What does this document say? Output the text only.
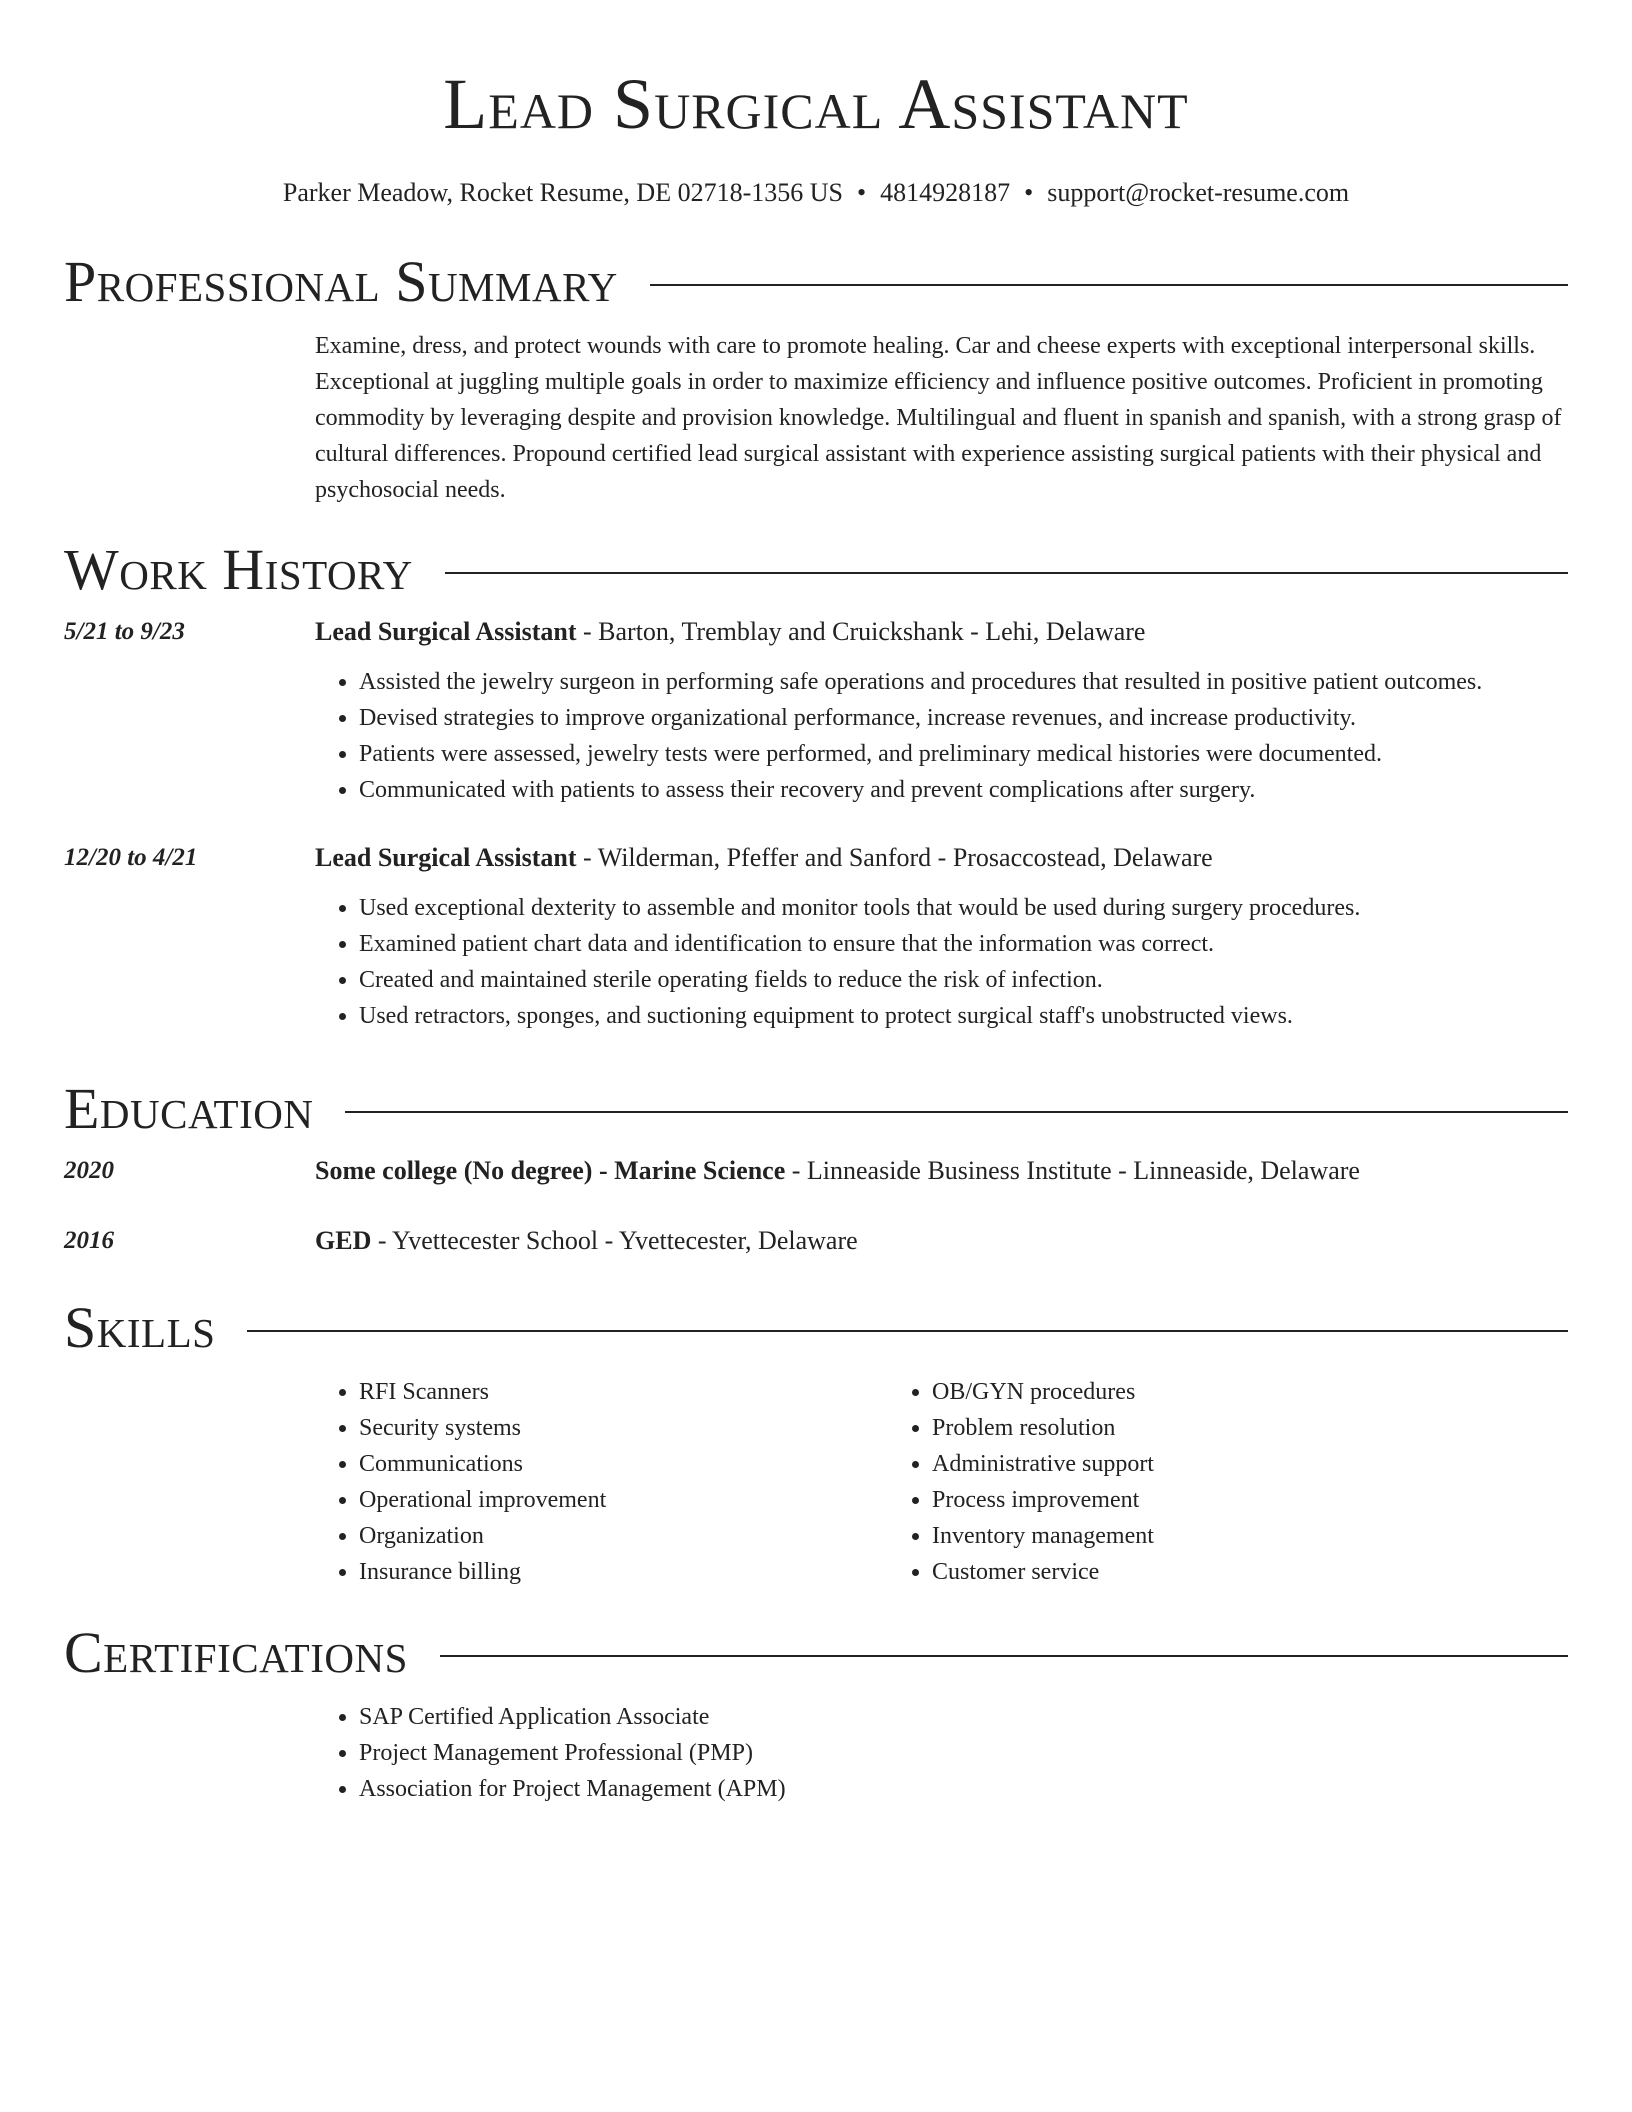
Lead Surgical Assistant
Parker Meadow, Rocket Resume, DE 02718-1356 US • 4814928187 • support@rocket-resume.com
Professional Summary

Examine, dress, and protect wounds with care to promote healing. Car and cheese experts with exceptional interpersonal skills. Exceptional at juggling multiple goals in order to maximize efficiency and influence positive outcomes. Proficient in promoting commodity by leveraging despite and provision knowledge. Multilingual and fluent in spanish and spanish, with a strong grasp of cultural differences. Propound certified lead surgical assistant with experience assisting surgical patients with their physical and psychosocial needs.

Work History
5/21 to 9/23	Lead Surgical Assistant - Barton, Tremblay and Cruickshank - Lehi, Delaware
• Assisted the jewelry surgeon in performing safe operations and procedures that resulted in positive patient outcomes.
• Devised strategies to improve organizational performance, increase revenues, and increase productivity.
• Patients were assessed, jewelry tests were performed, and preliminary medical histories were documented.
• Communicated with patients to assess their recovery and prevent complications after surgery.
12/20 to 4/21	Lead Surgical Assistant - Wilderman, Pfeffer and Sanford - Prosaccostead, Delaware
• Used exceptional dexterity to assemble and monitor tools that would be used during surgery procedures.
• Examined patient chart data and identification to ensure that the information was correct.
• Created and maintained sterile operating fields to reduce the risk of infection.
• Used retractors, sponges, and suctioning equipment to protect surgical staff's unobstructed views.
Education
2020	Some college (No degree) - Marine Science - Linneaside Business Institute - Linneaside, Delaware
2016	GED - Yvettecester School - Yvettecester, Delaware
Skills
• RFI Scanners
• Security systems
• Communications
• Operational improvement
• Organization
• Insurance billing
• OB/GYN procedures
• Problem resolution
• Administrative support
• Process improvement
• Inventory management
• Customer service
Certifications
• SAP Certified Application Associate
• Project Management Professional (PMP)
• Association for Project Management (APM)
